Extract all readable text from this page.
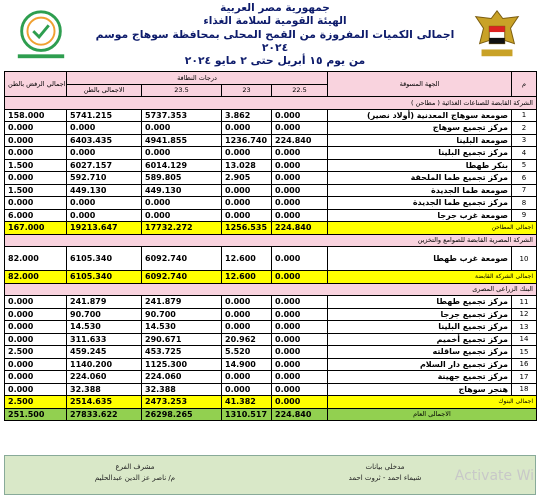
جمهورية مصر العربية
الهيئة القومية لسلامة الغذاء
اجمالى الكميات المفروزة من القمح المحلى بمحافظة سوهاج موسم ٢٠٢٤
من يوم ١٥ أبريل حتى ٢ مايو ٢٠٢٤
اجمالي الرفض بالطن	درجات النظافة				الجهة المسوقة	م
	الاجمالى بالطن	23.5	23	22.5		
الشركة القابضة للصناعات الغذائية ( مطاحن )						
158.000	5741.215	5737.353	3.862	0.000	صومعة سوهاج المعدنية (أولاد نصير)	1
0.000	0.000	0.000	0.000	0.000	مركز تجميع سوهاج	2
0.000	6403.435	4941.855	1236.740	224.840	صومعة البلينا	3
0.000	0.000	0.000	0.000	0.000	مركز تجميع البلينا	4
1.500	6027.157	6014.129	13.028	0.000	بنكر طهطا	5
0.000	592.710	589.805	2.905	0.000	مركز تجميع طما الملحقة	6
1.500	449.130	449.130	0.000	0.000	صومعة طما الجديدة	7
0.000	0.000	0.000	0.000	0.000	مركز تجميع طما الجديدة	8
6.000	0.000	0.000	0.000	0.000	صومعة غرب جرجا	9
167.000	19213.647	17732.272	1256.535	224.840	اجمالى المطاحن	
الشركة المصرية القابضة للصوامع والتخزين						
82.000	6105.340	6092.740	12.600	0.000	صومعة غرب طهطا	10
82.000	6105.340	6092.740	12.600	0.000	اجمالى الشركة القابضة	
البنك الزراعى المصرى						
0.000	241.879	241.879	0.000	0.000	مركز تجميع طهطا	11
0.000	90.700	90.700	0.000	0.000	مركز تجميع جرجا	12
0.000	14.530	14.530	0.000	0.000	مركز تجميع البلينا	13
0.000	311.633	290.671	20.962	0.000	مركز تجميع أخميم	14
2.500	459.245	453.725	5.520	0.000	مركز تجميع ساقلته	15
0.000	1140.200	1125.300	14.900	0.000	مركز تجميع دار السلام	16
0.000	224.060	224.060	0.000	0.000	مركز تجميع جهينة	17
0.000	32.388	32.388	0.000	0.000	هنجر سوهاج	18
2.500	2514.635	2473.253	41.382	0.000	اجمالى البنوك	
251.500	27833.622	26298.265	1310.517	224.840	الاجمالى العام	
مشرف الفرع
م/ ناصر عز الدين عبدالحليم
مدخلى بيانات
شيماء احمد - ثروت احمد	Activate Wi
